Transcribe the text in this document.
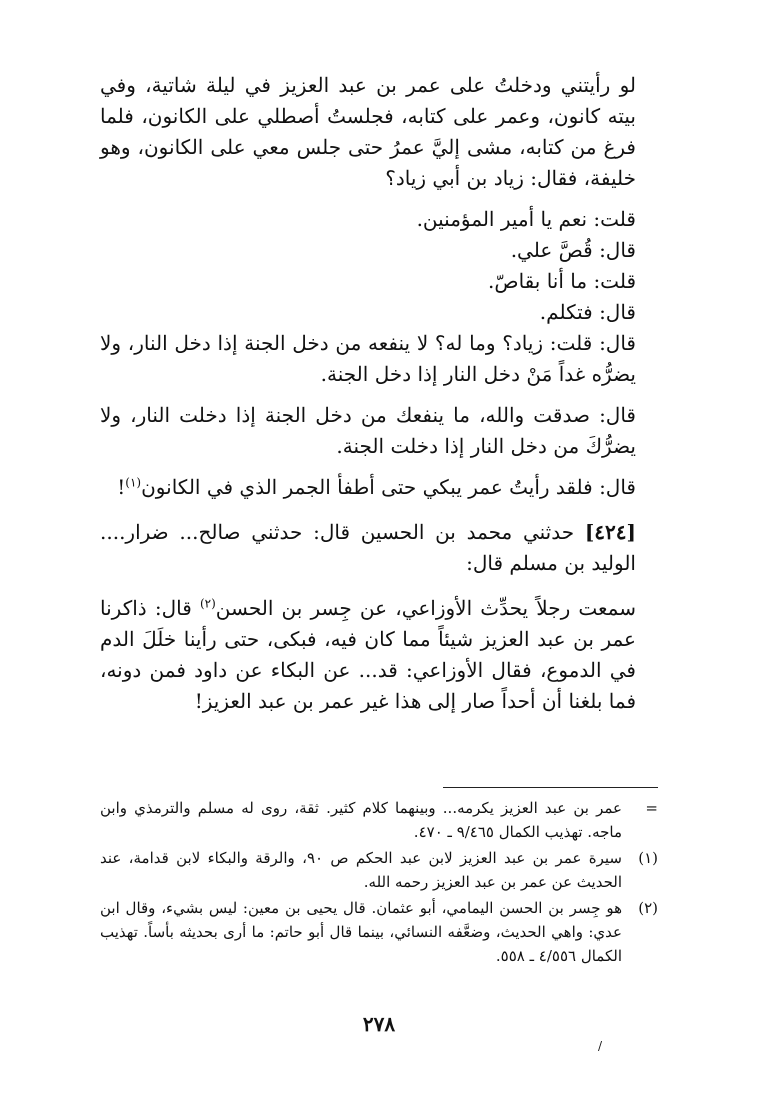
لو رأيتني ودخلتُ على عمر بن عبد العزيز في ليلة شاتية، وفي بيته كانون، وعمر على كتابه، فجلستُ أصطلي على الكانون، فلما فرغ من كتابه، مشى إليَّ عمرُ حتى جلس معي على الكانون، وهو خليفة، فقال: زياد بن أبي زياد؟

قلت: نعم يا أمير المؤمنين.

قال: قُصَّ علي.

قلت: ما أنا بقاصّ.

قال: فتكلم.

قال: قلت: زياد؟ وما له؟ لا ينفعه من دخل الجنة إذا دخل النار، ولا يضرُّه غداً مَنْ دخل النار إذا دخل الجنة.

قال: صدقت والله، ما ينفعك من دخل الجنة إذا دخلت النار، ولا يضرُّكَ من دخل النار إذا دخلت الجنة.

قال: فلقد رأيتُ عمر يبكي حتى أطفأ الجمر الذي في الكانون$^{(١)}$!

[٤٢٤] حدثني محمد بن الحسين قال: حدثني صالح... ضرار.... الوليد بن مسلم قال:

سمعت رجلاً يحدِّث الأوزاعي، عن جِسر بن الحسن$^{(٢)}$ قال: ذاكرنا عمر بن عبد العزيز شيئاً مما كان فيه، فبكى، حتى رأينا خلَلَ الدم في الدموع، فقال الأوزاعي: قد... عن البكاء عن داود فمن دونه، فما بلغنا أن أحداً صار إلى هذا غير عمر بن عبد العزيز!

=
عمر بن عبد العزيز يكرمه... وبينهما كلام كثير. ثقة، روى له مسلم والترمذي وابن ماجه. تهذيب الكمال ٩/٤٦٥ ـ ٤٧٠.
(١)
سيرة عمر بن عبد العزيز لابن عبد الحكم ص ٩٠، والرقة والبكاء لابن قدامة، عند الحديث عن عمر بن عبد العزيز رحمه الله.
(٢)
هو جِسر بن الحسن اليمامي، أبو عثمان. قال يحيى بن معين: ليس بشيء، وقال ابن عدي: واهي الحديث، وضعَّفه النسائي، بينما قال أبو حاتم: ما أرى بحديثه بأساً. تهذيب الكمال ٤/٥٥٦ ـ ٥٥٨.
٢٧٨
/
